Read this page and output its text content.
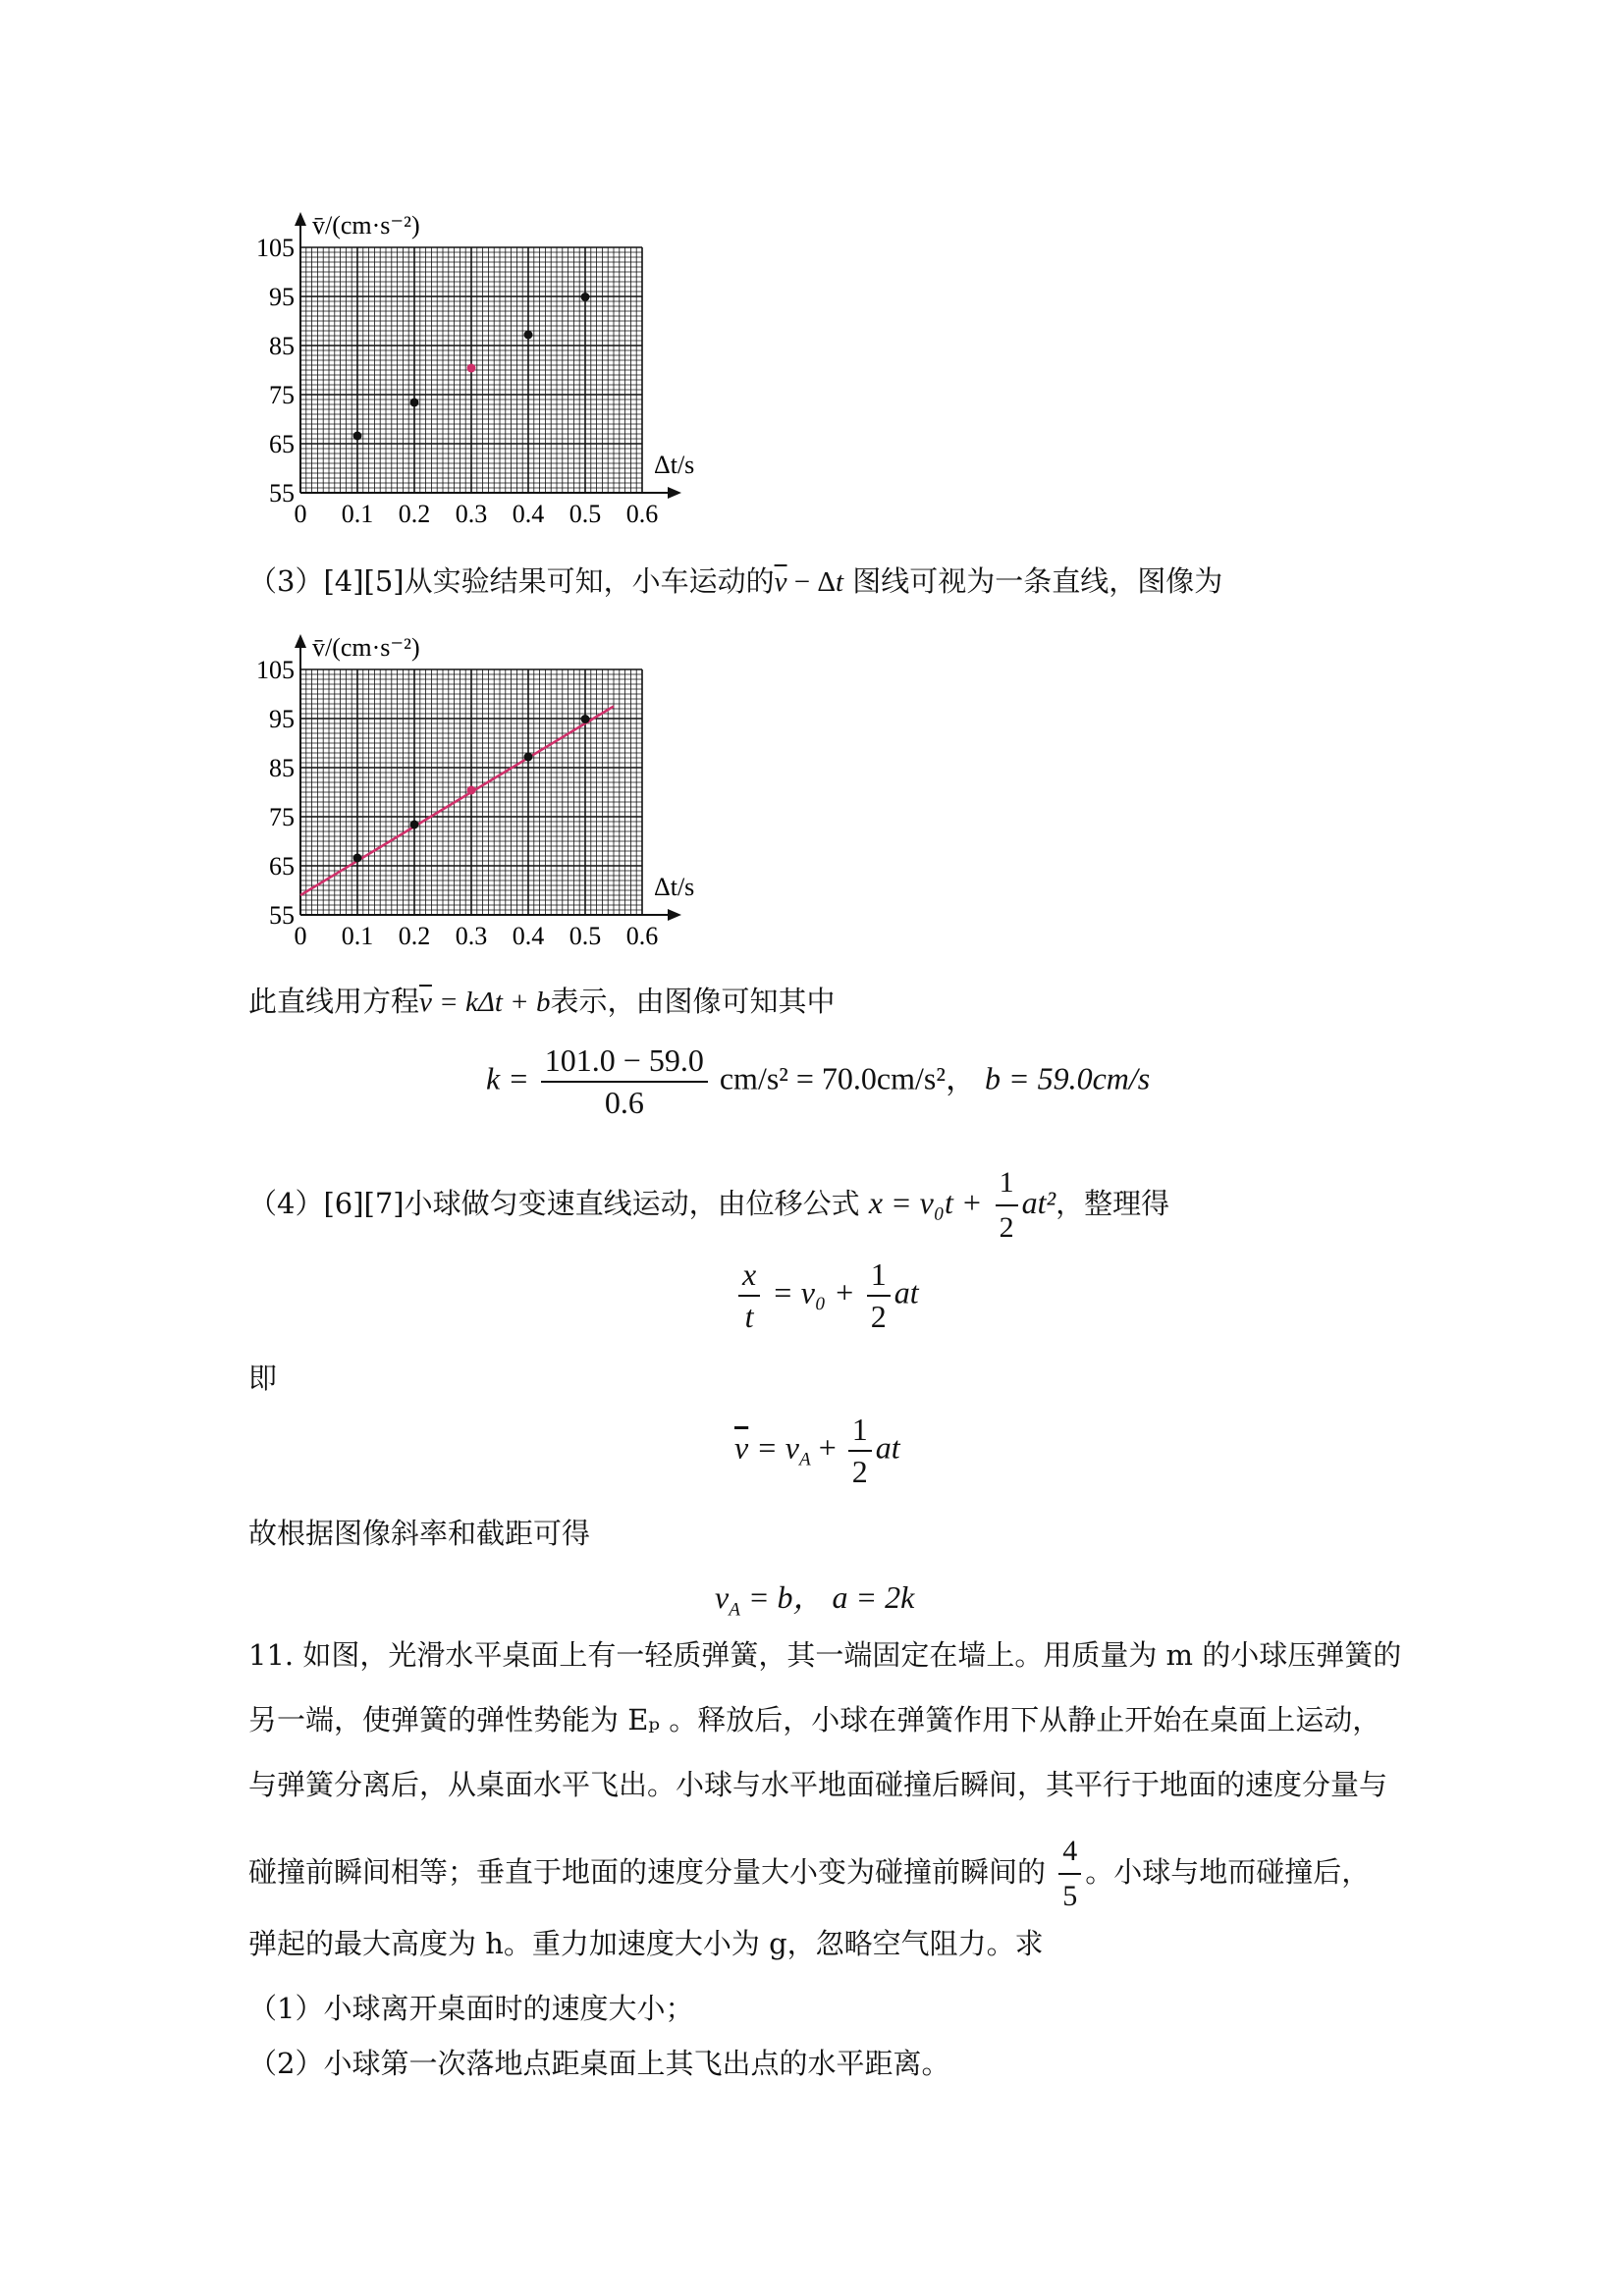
0 0.1 0.2 0.3 0.4 0.5 0.6
55
65
75
85
95
105
Δt/s
v̄/(cm·s⁻²)
（3）[4][5]从实验结果可知，小车运动的$\overline{v} - \Delta t$ 图线可视为一条直线，图像为
0 0.1 0.2 0.3 0.4 0.5 0.6
55
65
75
85
95
105
Δt/s
v̄/(cm·s⁻²)
此直线用方程$\overline{v} = k\Delta t + b$表示，由图像可知其中
$k = \frac{101.0 - 59.0}{0.6} cm/s^2 = 70.0cm/s^2$， b = 59.0cm/s
（4）[6][7]小球做匀变速直线运动，由位移公式 $x = v_0t + \frac{1}{2} at^2$，整理得
$\frac{x}{t} = v_0 + \frac{1}{2}$ at
即
$\overline{v} = v_A + \frac{1}{2}$ at
故根据图像斜率和截距可得
$v_A = b$， a = 2k
11. 如图，光滑水平桌面上有一轻质弹簧，其一端固定在墙上。用质量为 m 的小球压弹簧的
另一端，使弹簧的弹性势能为 Eₚ 。释放后，小球在弹簧作用下从静止开始在桌面上运动，
与弹簧分离后，从桌面水平飞出。小球与水平地面碰撞后瞬间，其平行于地面的速度分量与
碰撞前瞬间相等；垂直于地面的速度分量大小变为碰撞前瞬间的 $\frac{4}{5}$ 。小球与地而碰撞后，
弹起的最大高度为 h。重力加速度大小为 g，忽略空气阻力。求
（1）小球离开桌面时的速度大小；
（2）小球第一次落地点距桌面上其飞出点的水平距离。
